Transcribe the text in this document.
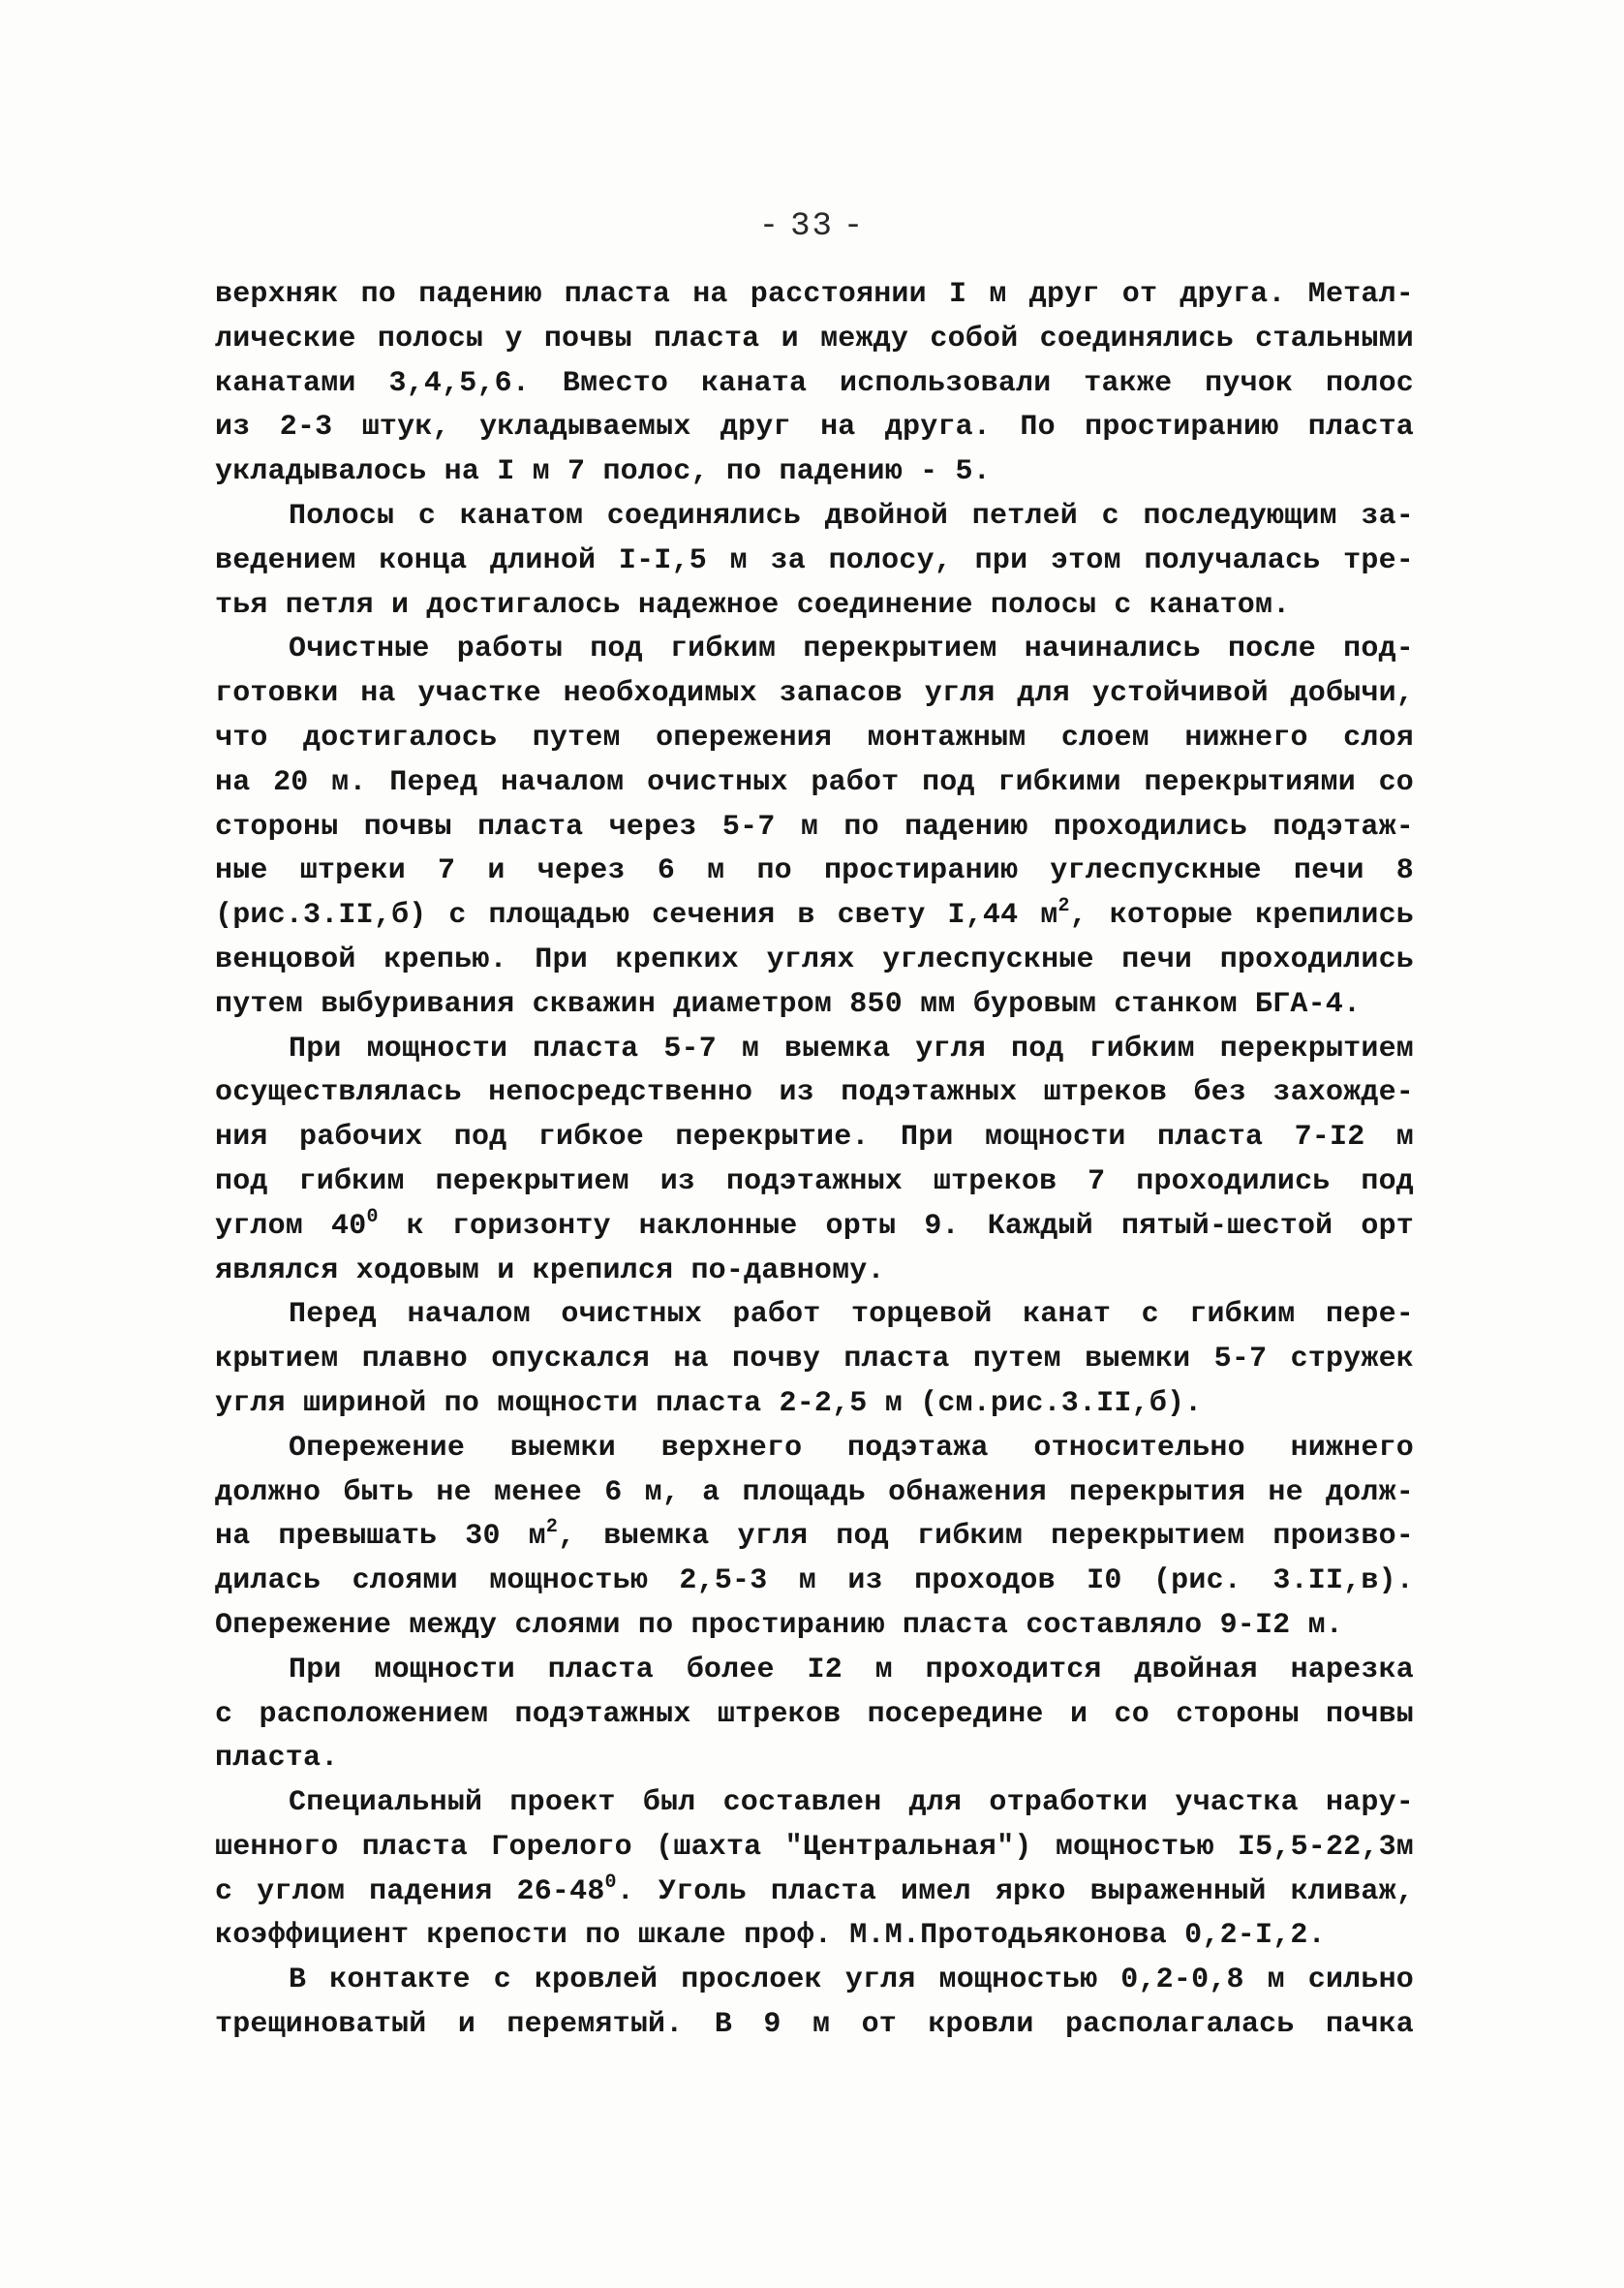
- 33 -
верхняк по падению пласта на расстоянии I м друг от друга. Метал-
лические полосы у почвы пласта и между собой соединялись стальными
канатами 3,4,5,6. Вместо каната использовали также пучок полос
из 2-3 штук, укладываемых друг на друга. По простиранию пласта
укладывалось на I м 7 полос, по падению - 5.
Полосы с канатом соединялись двойной петлей с последующим за-
ведением конца длиной I-I,5 м за полосу, при этом получалась тре-
тья петля и достигалось надежное соединение полосы с канатом.
Очистные работы под гибким перекрытием начинались после под-
готовки на участке необходимых запасов угля для устойчивой добычи,
что достигалось путем опережения монтажным слоем нижнего слоя
на 20 м. Перед началом очистных работ под гибкими перекрытиями со
стороны почвы пласта через 5-7 м по падению проходились подэтаж-
ные штреки 7 и через 6 м по простиранию углеспускные печи 8
(рис.3.II,б) с площадью сечения в свету I,44 $м^2$, которые крепились
венцовой крепью. При крепких углях углеспускные печи проходились
путем выбуривания скважин диаметром 850 мм буровым станком БГА-4.
При мощности пласта 5-7 м выемка угля под гибким перекрытием
осуществлялась непосредственно из подэтажных штреков без захожде-
ния рабочих под гибкое перекрытие. При мощности пласта 7-I2 м
под гибким перекрытием из подэтажных штреков 7 проходились под
углом $40^0$ к горизонту наклонные орты 9. Каждый пятый-шестой орт
являлся ходовым и крепился по-давному.
Перед началом очистных работ торцевой канат с гибким пере-
крытием плавно опускался на почву пласта путем выемки 5-7 стружек
угля шириной по мощности пласта 2-2,5 м (см.рис.3.II,б).
Опережение выемки верхнего подэтажа относительно нижнего
должно быть не менее 6 м, а площадь обнажения перекрытия не долж-
на превышать 30 $м^2$, выемка угля под гибким перекрытием произво-
дилась слоями мощностью 2,5-3 м из проходов I0 (рис. 3.II,в).
Опережение между слоями по простиранию пласта составляло 9-I2 м.
При мощности пласта более I2 м проходится двойная нарезка
с расположением подэтажных штреков посередине и со стороны почвы
пласта.
Специальный проект был составлен для отработки участка нару-
шенного пласта Горелого (шахта "Центральная") мощностью I5,5-22,3м
с углом падения $26-48^0$. Уголь пласта имел ярко выраженный кливаж,
коэффициент крепости по шкале проф. М.М.Протодьяконова 0,2-I,2.
В контакте с кровлей прослоек угля мощностью 0,2-0,8 м сильно
трещиноватый и перемятый. В 9 м от кровли располагалась пачка
